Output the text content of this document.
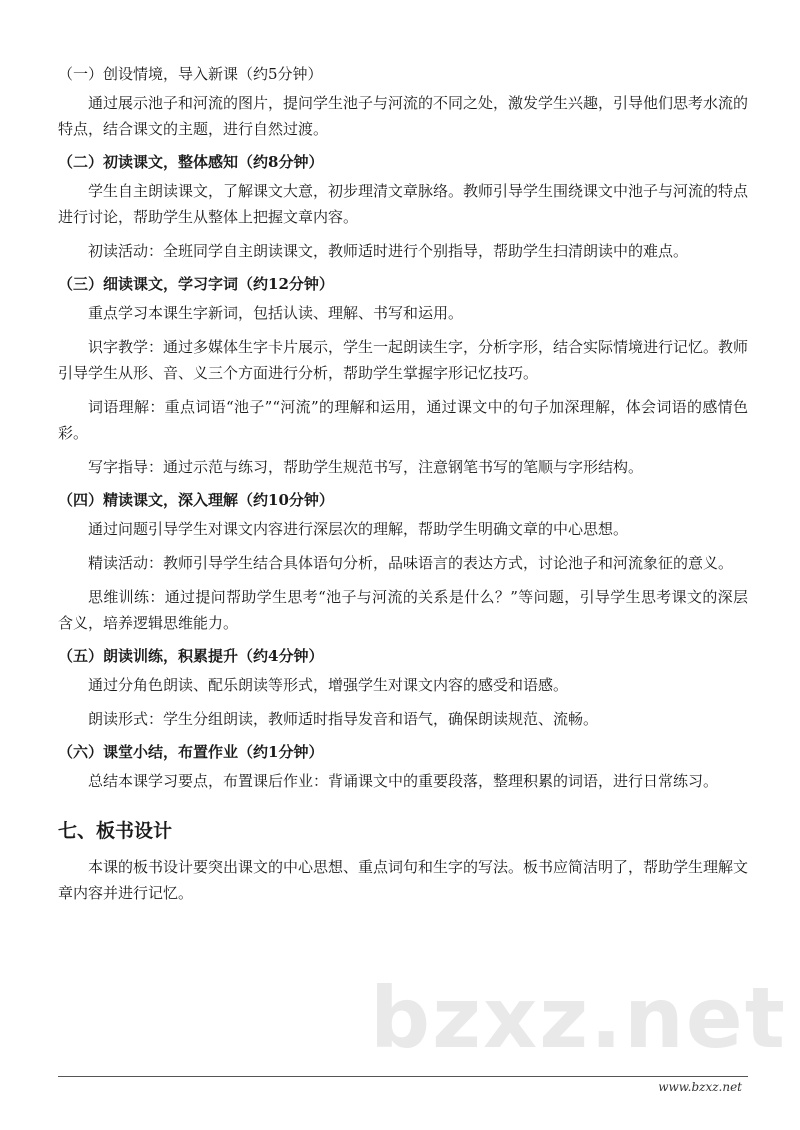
（一）创设情境，导入新课（约5分钟）

通过展示池子和河流的图片，提问学生池子与河流的不同之处，激发学生兴趣，引导他们思考水流的特点，结合课文的主题，进行自然过渡。

（二）初读课文，整体感知（约8分钟）

学生自主朗读课文，了解课文大意，初步理清文章脉络。教师引导学生围绕课文中池子与河流的特点进行讨论，帮助学生从整体上把握文章内容。

初读活动：全班同学自主朗读课文，教师适时进行个别指导，帮助学生扫清朗读中的难点。

（三）细读课文，学习字词（约12分钟）

重点学习本课生字新词，包括认读、理解、书写和运用。

识字教学：通过多媒体生字卡片展示，学生一起朗读生字，分析字形，结合实际情境进行记忆。教师引导学生从形、音、义三个方面进行分析，帮助学生掌握字形记忆技巧。

词语理解：重点词语“池子”“河流”的理解和运用，通过课文中的句子加深理解，体会词语的感情色彩。

写字指导：通过示范与练习，帮助学生规范书写，注意钢笔书写的笔顺与字形结构。

（四）精读课文，深入理解（约10分钟）

通过问题引导学生对课文内容进行深层次的理解，帮助学生明确文章的中心思想。

精读活动：教师引导学生结合具体语句分析，品味语言的表达方式，讨论池子和河流象征的意义。

思维训练：通过提问帮助学生思考“池子与河流的关系是什么？”等问题，引导学生思考课文的深层含义，培养逻辑思维能力。

（五）朗读训练，积累提升（约4分钟）

通过分角色朗读、配乐朗读等形式，增强学生对课文内容的感受和语感。

朗读形式：学生分组朗读，教师适时指导发音和语气，确保朗读规范、流畅。

（六）课堂小结，布置作业（约1分钟）

总结本课学习要点，布置课后作业：背诵课文中的重要段落，整理积累的词语，进行日常练习。

七、板书设计

本课的板书设计要突出课文的中心思想、重点词句和生字的写法。板书应简洁明了，帮助学生理解文章内容并进行记忆。

bzxz.net
www.bzxz.net
